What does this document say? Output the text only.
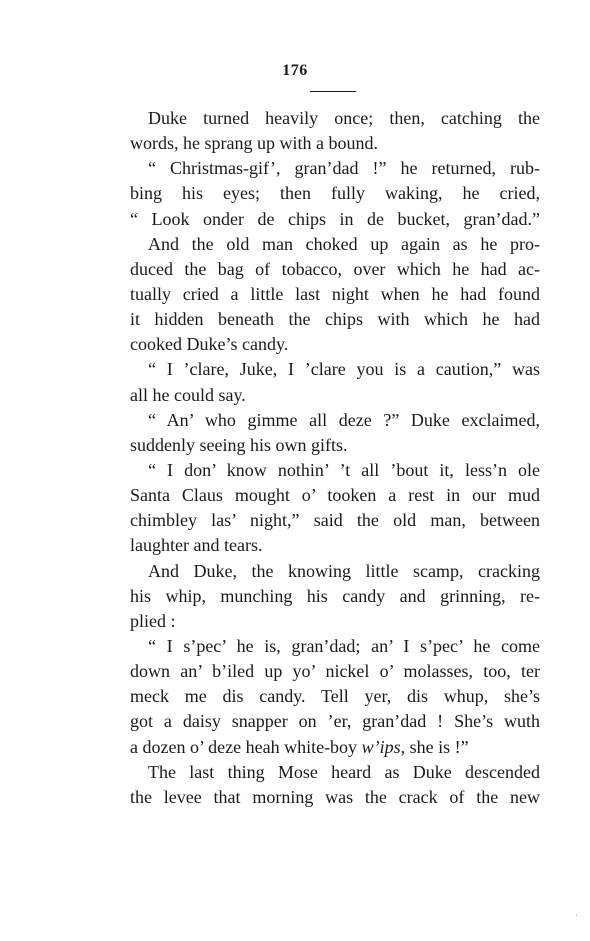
176
Duke turned heavily once; then, catching the
words, he sprang up with a bound.
“ Christmas-gif’, gran’dad !” he returned, rub-
bing his eyes; then fully waking, he cried,
“ Look onder de chips in de bucket, gran’dad.”
And the old man choked up again as he pro-
duced the bag of tobacco, over which he had ac-
tually cried a little last night when he had found
it hidden beneath the chips with which he had
cooked Duke’s candy.
“ I ’clare, Juke, I ’clare you is a caution,” was
all he could say.
“ An’ who gimme all deze ?” Duke exclaimed,
suddenly seeing his own gifts.
“ I don’ know nothin’ ’t all ’bout it, less’n ole
Santa Claus mought o’ tooken a rest in our mud
chimbley las’ night,” said the old man, between
laughter and tears.
And Duke, the knowing little scamp, cracking
his whip, munching his candy and grinning, re-
plied :
“ I s’pec’ he is, gran’dad; an’ I s’pec’ he come
down an’ b’iled up yo’ nickel o’ molasses, too, ter
meck me dis candy. Tell yer, dis whup, she’s
got a daisy snapper on ’er, gran’dad ! She’s wuth
a dozen o’ deze heah white-boy w’ips, she is !”
The last thing Mose heard as Duke descended
the levee that morning was the crack of the new
